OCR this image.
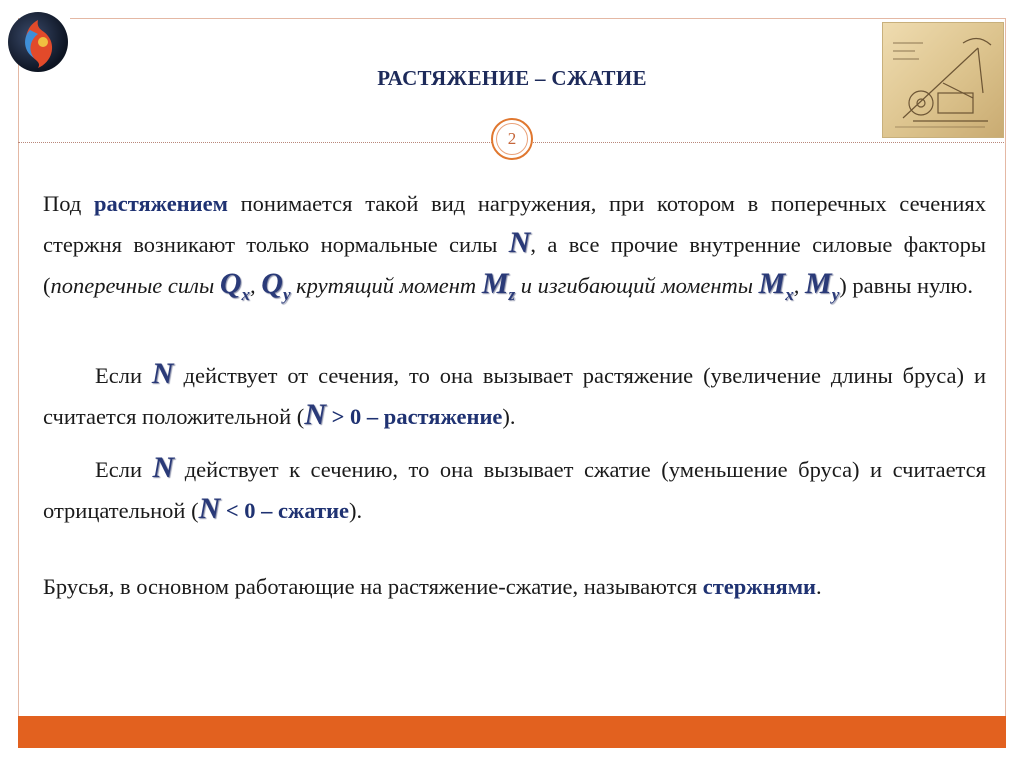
РАСТЯЖЕНИЕ – СЖАТИЕ
2

Под растяжением понимается такой вид нагружения, при котором в поперечных сечениях стержня возникают только нормальные силы N, а все прочие внутренние силовые факторы (поперечные силы $Q_x$, $Q_y$ крутящий момент $M_z$ и изгибающий моменты $M_x$, $M_y$) равны нулю.

Если N действует от сечения, то она вызывает растяжение (увеличение длины бруса) и считается положительной (N > 0 – растяжение).

Если N действует к сечению, то она вызывает сжатие (уменьшение бруса) и считается отрицательной (N < 0 – сжатие).

Брусья, в основном работающие на растяжение-сжатие, называются стержнями.
